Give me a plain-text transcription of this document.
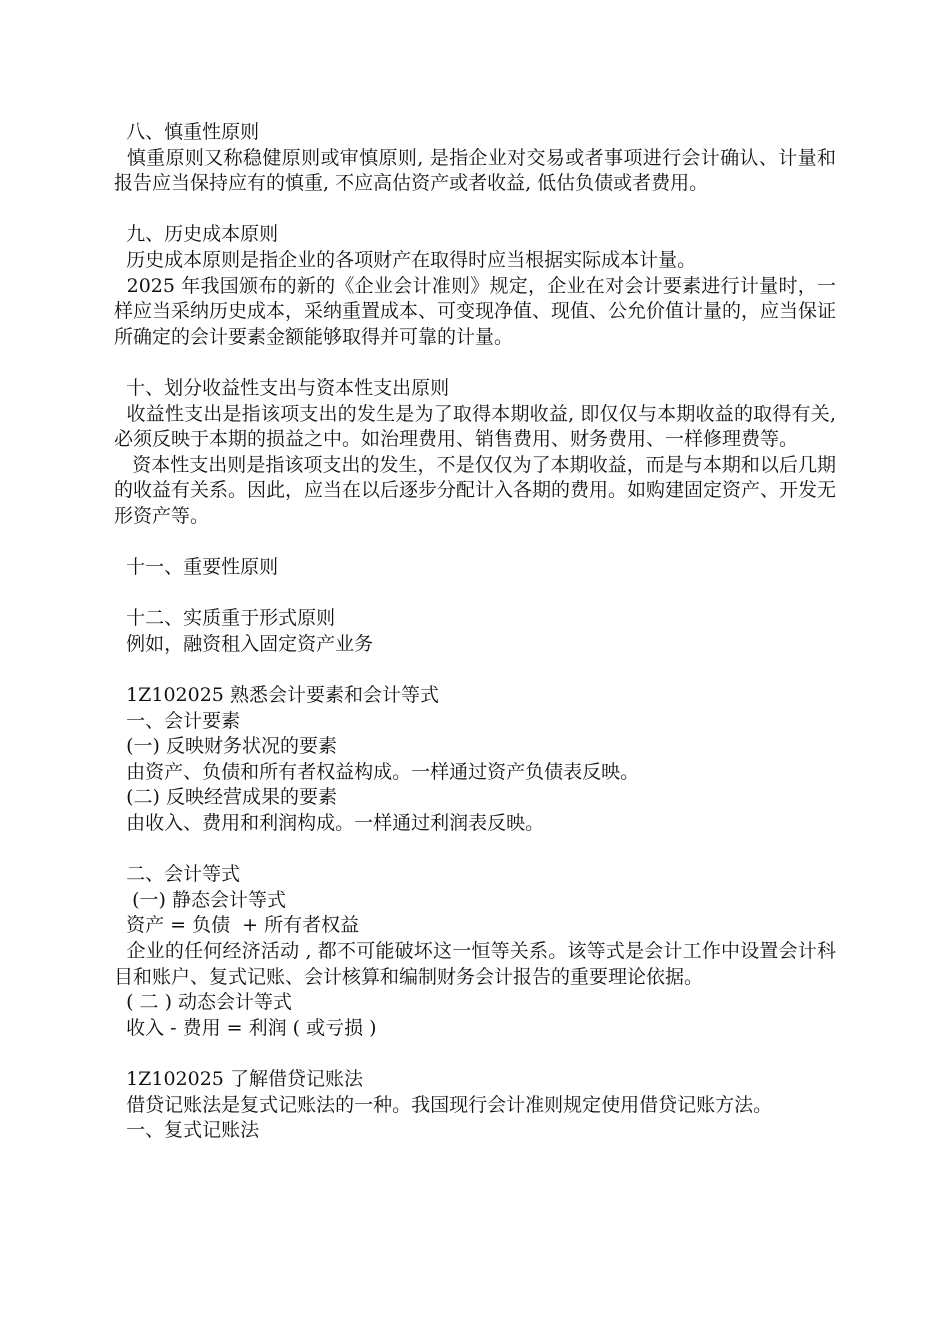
八、慎重性原则
慎重原则又称稳健原则或审慎原则, 是指企业对交易或者事项进行会计确认、计量和报告应当保持应有的慎重, 不应高估资产或者收益, 低估负债或者费用。
九、历史成本原则
历史成本原则是指企业的各项财产在取得时应当根据实际成本计量。
2025 年我国颁布的新的《企业会计准则》规定，企业在对会计要素进行计量时，一样应当采纳历史成本，采纳重置成本、可变现净值、现值、公允价值计量的，应当保证所确定的会计要素金额能够取得并可靠的计量。
十、划分收益性支出与资本性支出原则
收益性支出是指该项支出的发生是为了取得本期收益, 即仅仅与本期收益的取得有关, 必须反映于本期的损益之中。如治理费用、销售费用、财务费用、一样修理费等。
资本性支出则是指该项支出的发生，不是仅仅为了本期收益，而是与本期和以后几期的收益有关系。因此，应当在以后逐步分配计入各期的费用。如购建固定资产、开发无形资产等。
十一、重要性原则
十二、实质重于形式原则
例如，融资租入固定资产业务
1Z102025 熟悉会计要素和会计等式
一、会计要素
(一) 反映财务状况的要素
由资产、负债和所有者权益构成。一样通过资产负债表反映。
(二) 反映经营成果的要素
由收入、费用和利润构成。一样通过利润表反映。
二、会计等式
(一) 静态会计等式
资产 = 负债  + 所有者权益
企业的任何经济活动 , 都不可能破坏这一恒等关系。该等式是会计工作中设置会计科目和账户、复式记账、会计核算和编制财务会计报告的重要理论依据。
( 二 ) 动态会计等式
收入 - 费用 = 利润 ( 或亏损 )
1Z102025 了解借贷记账法
借贷记账法是复式记账法的一种。我国现行会计准则规定使用借贷记账方法。
一、复式记账法
